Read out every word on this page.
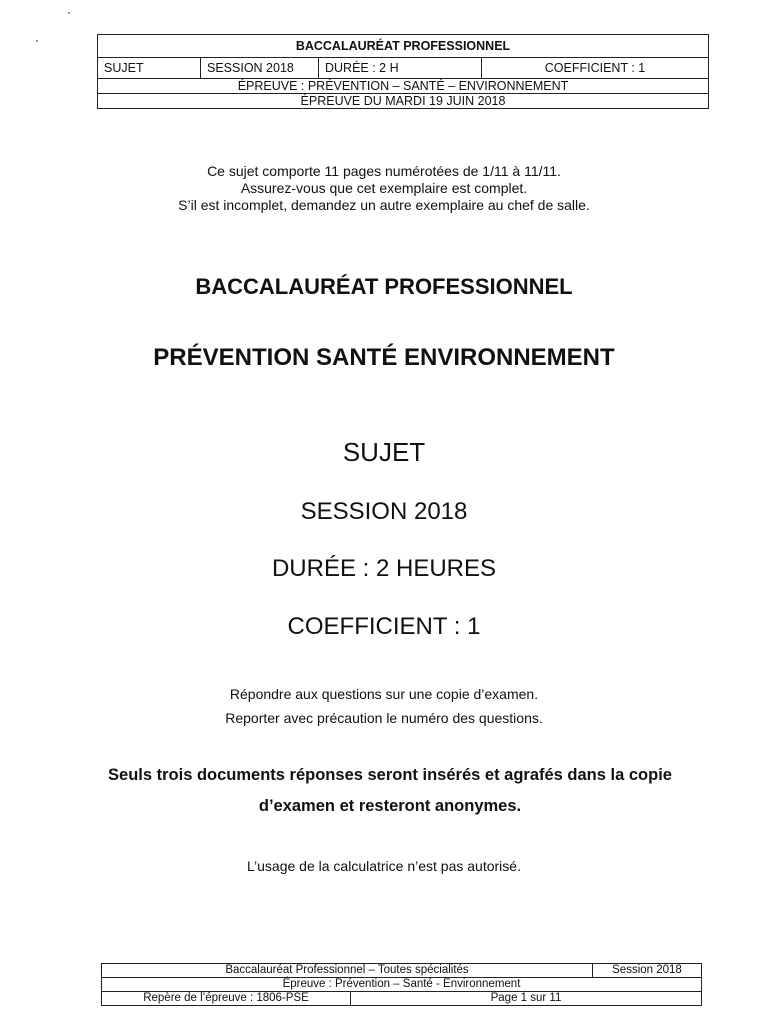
BACCALAURÉAT PROFESSIONNEL
SUJET	SESSION 2018	DURÉE : 2 H	COEFFICIENT : 1
ÉPREUVE : PRÉVENTION – SANTÉ – ENVIRONNEMENT
ÉPREUVE DU MARDI 19 JUIN 2018
Ce sujet comporte 11 pages numérotées de 1/11 à 11/11.
Assurez-vous que cet exemplaire est complet.
S’il est incomplet, demandez un autre exemplaire au chef de salle.
BACCALAURÉAT PROFESSIONNEL
PRÉVENTION SANTÉ ENVIRONNEMENT
SUJET
SESSION 2018
DURÉE : 2 HEURES
COEFFICIENT : 1
Répondre aux questions sur une copie d’examen.
Reporter avec précaution le numéro des questions.
Seuls trois documents réponses seront insérés et agrafés dans la copie
d’examen et resteront anonymes.
L’usage de la calculatrice n’est pas autorisé.
Baccalauréat Professionnel – Toutes spécialités		Session 2018
Épreuve : Prévention – Santé - Environnement		
Repère de l’épreuve : 1806-PSE	Page 1 sur 11	
